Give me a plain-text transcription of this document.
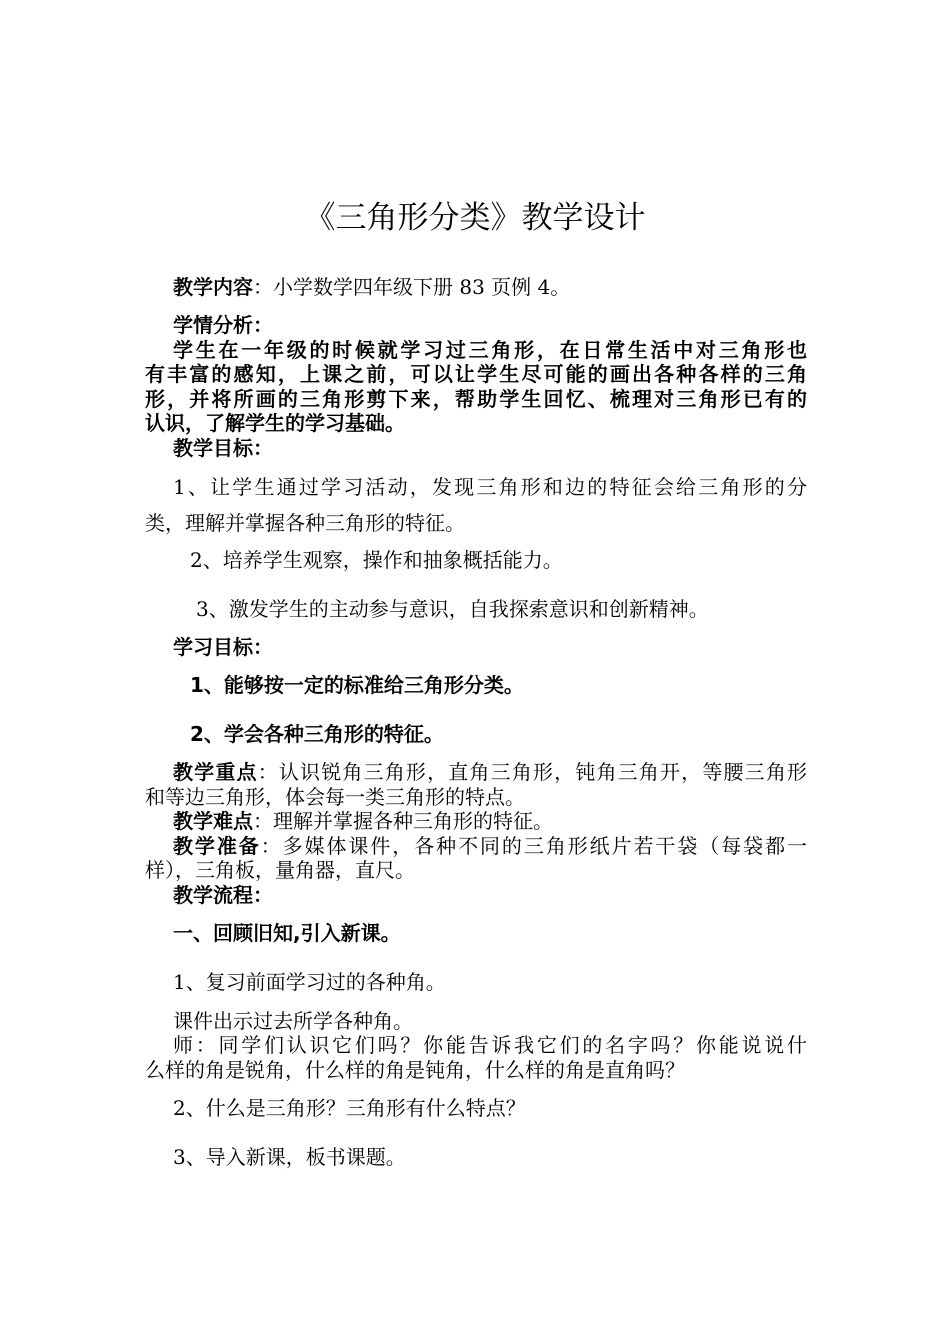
《三角形分类》教学设计
教学内容：小学数学四年级下册 83 页例 4。
学情分析：
学生在一年级的时候就学习过三角形，在日常生活中对三角形也
有丰富的感知，上课之前，可以让学生尽可能的画出各种各样的三角
形，并将所画的三角形剪下来，帮助学生回忆、梳理对三角形已有的
认识，了解学生的学习基础。
教学目标：
1、让学生通过学习活动，发现三角形和边的特征会给三角形的分
类，理解并掌握各种三角形的特征。
2、培养学生观察，操作和抽象概括能力。
3、激发学生的主动参与意识，自我探索意识和创新精神。
学习目标：
1、能够按一定的标准给三角形分类。
2、学会各种三角形的特征。
教学重点：认识锐角三角形，直角三角形，钝角三角开，等腰三角形
和等边三角形，体会每一类三角形的特点。
教学难点：理解并掌握各种三角形的特征。
教学准备：多媒体课件，各种不同的三角形纸片若干袋（每袋都一
样），三角板，量角器，直尺。
教学流程：
一、回顾旧知,引入新课。
1、复习前面学习过的各种角。
课件出示过去所学各种角。
师：同学们认识它们吗？你能告诉我它们的名字吗？你能说说什
么样的角是锐角，什么样的角是钝角，什么样的角是直角吗？
2、什么是三角形？三角形有什么特点？
3、导入新课，板书课题。
